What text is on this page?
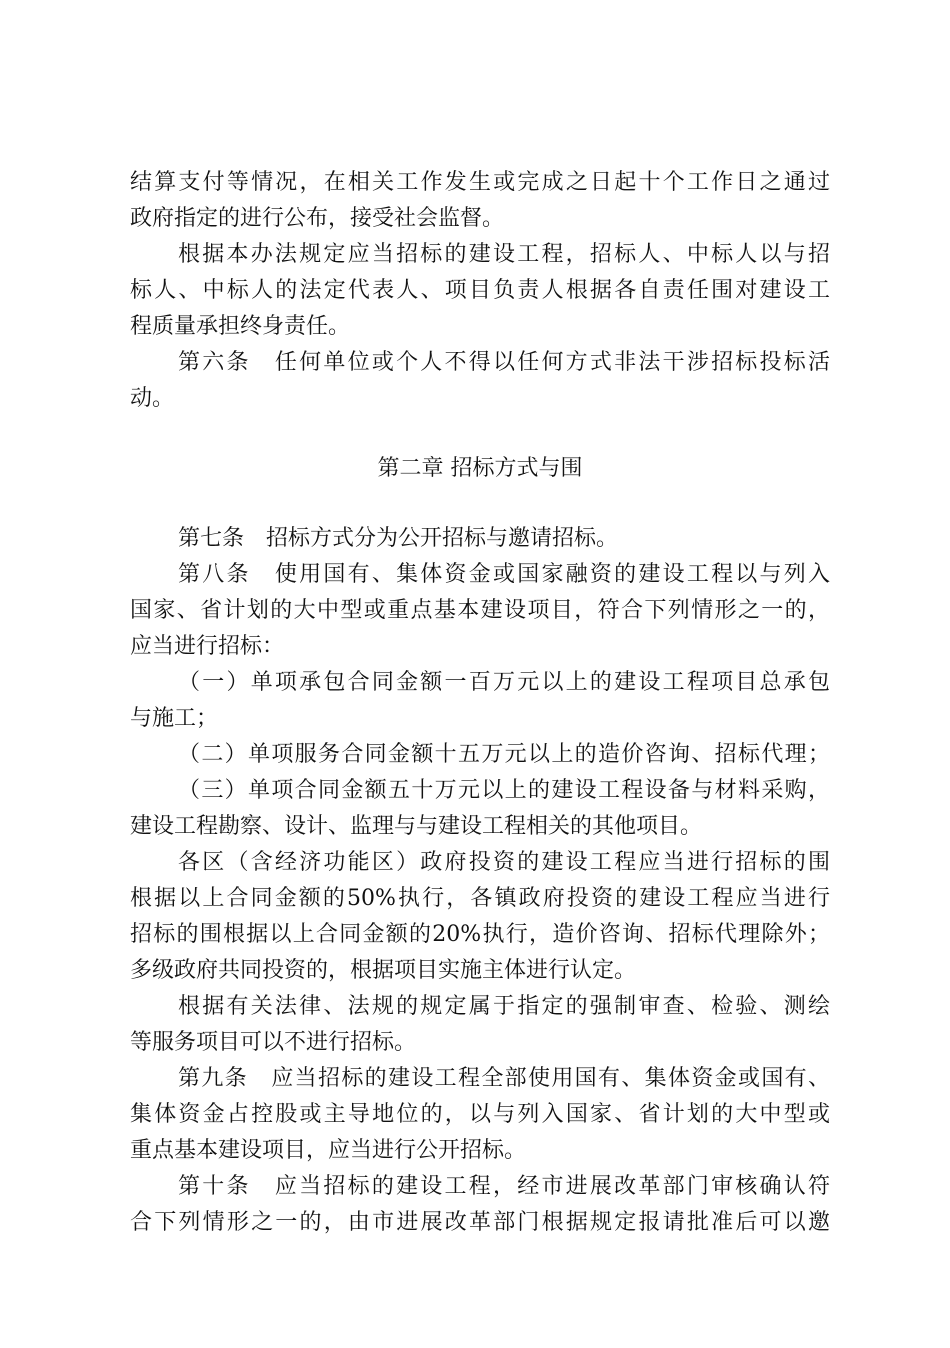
结算支付等情况，在相关工作发生或完成之日起十个工作日之通过
政府指定的进行公布，接受社会监督。
根据本办法规定应当招标的建设工程，招标人、中标人以与招
标人、中标人的法定代表人、项目负责人根据各自责任围对建设工
程质量承担终身责任。
第六条　任何单位或个人不得以任何方式非法干涉招标投标活
动。
第二章 招标方式与围
第七条　招标方式分为公开招标与邀请招标。
第八条　使用国有、集体资金或国家融资的建设工程以与列入
国家、省计划的大中型或重点基本建设项目，符合下列情形之一的，
应当进行招标：
（一）单项承包合同金额一百万元以上的建设工程项目总承包
与施工；
（二）单项服务合同金额十五万元以上的造价咨询、招标代理；
（三）单项合同金额五十万元以上的建设工程设备与材料采购，
建设工程勘察、设计、监理与与建设工程相关的其他项目。
各区（含经济功能区）政府投资的建设工程应当进行招标的围
根据以上合同金额的50%执行，各镇政府投资的建设工程应当进行
招标的围根据以上合同金额的20%执行，造价咨询、招标代理除外；
多级政府共同投资的，根据项目实施主体进行认定。
根据有关法律、法规的规定属于指定的强制审查、检验、测绘
等服务项目可以不进行招标。
第九条　应当招标的建设工程全部使用国有、集体资金或国有、
集体资金占控股或主导地位的，以与列入国家、省计划的大中型或
重点基本建设项目，应当进行公开招标。
第十条　应当招标的建设工程，经市进展改革部门审核确认符
合下列情形之一的，由市进展改革部门根据规定报请批准后可以邀
